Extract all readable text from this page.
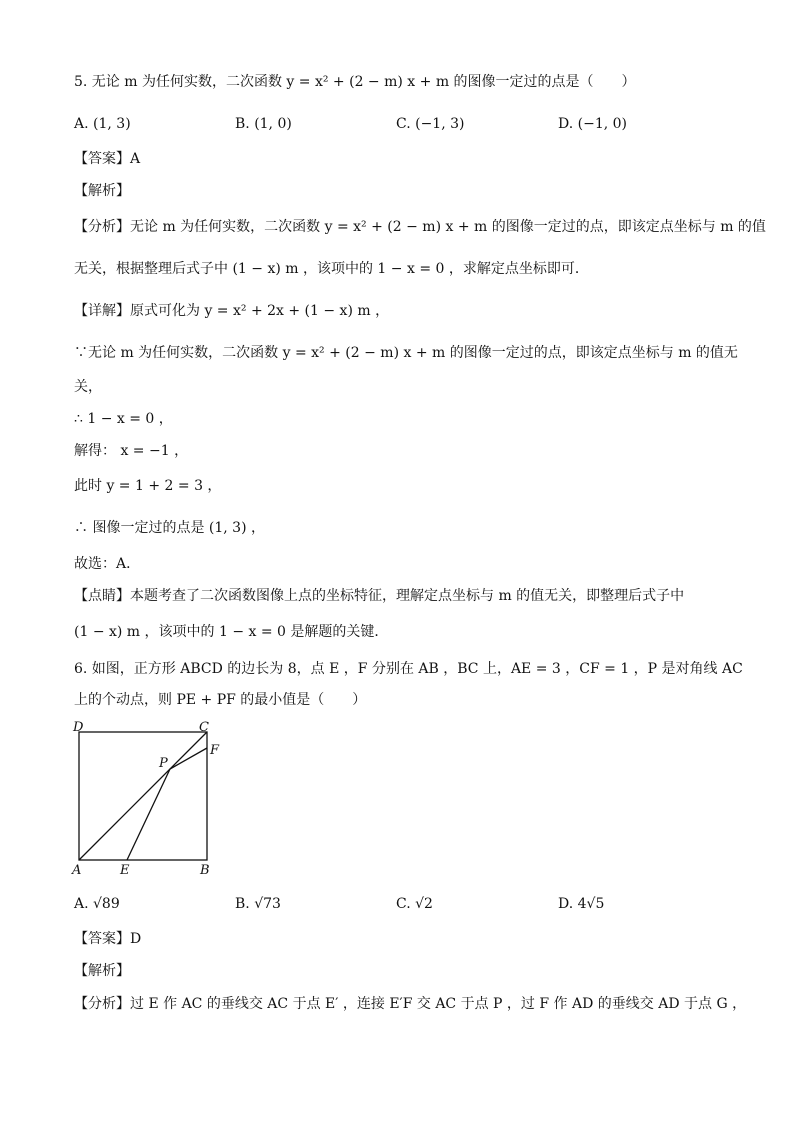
5. 无论 m 为任何实数，二次函数 y = x² + (2 − m) x + m 的图像一定过的点是（　　）
A. (1, 3)	B. (1, 0)	C. (−1, 3)	D. (−1, 0)
【答案】A
【解析】
【分析】无论 m 为任何实数，二次函数 y = x² + (2 − m) x + m 的图像一定过的点，即该定点坐标与 m 的值
无关，根据整理后式子中 (1 − x) m ，该项中的 1 − x = 0 ，求解定点坐标即可．
【详解】原式可化为 y = x² + 2x + (1 − x) m ，
∵无论 m 为任何实数，二次函数 y = x² + (2 − m) x + m 的图像一定过的点，即该定点坐标与 m 的值无
关，
∴ 1 − x = 0 ，
解得： x = −1 ，
此时 y = 1 + 2 = 3 ，
∴ 图像一定过的点是 (1, 3) ，
故选：A．
【点睛】本题考查了二次函数图像上点的坐标特征，理解定点坐标与 m 的值无关，即整理后式子中
(1 − x) m ，该项中的 1 − x = 0 是解题的关键．
6. 如图，正方形 ABCD 的边长为 8，点 E ，F 分别在 AB ，BC 上，AE = 3 ，CF = 1 ，P 是对角线 AC
上的个动点，则 PE + PF 的最小值是（　　）
D	C
F
P
A	E	B
A. √89	B. √73	C. √2	D. 4√5
【答案】D
【解析】
【分析】过 E 作 AC 的垂线交 AC 于点 E′ ，连接 E′F 交 AC 于点 P ，过 F 作 AD 的垂线交 AD 于点 G ，
